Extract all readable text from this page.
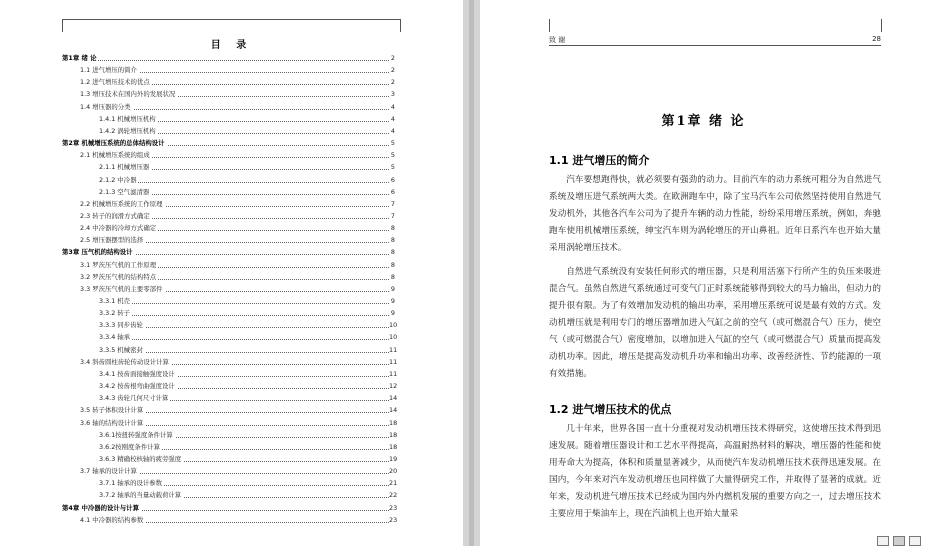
目 录
第1章 绪 论	2
1.1 进气增压的简介	2
1.2 进气增压技术的优点	2
1.3 增压技术在国内外的发展状况	3
1.4 增压器的分类	4
1.4.1 机械增压机构	4
1.4.2 涡轮增压机构	4
第2章 机械增压系统的总体结构设计	5
2.1 机械增压系统的组成	5
2.1.1 机械增压器	5
2.1.2 中冷器	6
2.1.3 空气滤清器	6
2.2 机械增压系统的工作原理	7
2.3 转子的润滑方式确定	7
2.4 中冷器的冷却方式确定	8
2.5 增压器摆型的选择	8
第3章 压气机的结构设计	8
3.1 罗茨压气机的工作原理	8
3.2 罗茨压气机的结构特点	8
3.3 罗茨压气机的主要零部件	9
3.3.1 机壳	9
3.3.2 转子	9
3.3.3 同步齿轮	10
3.3.4 轴承	10
3.3.5 机械密封	11
3.4 斜齿圆柱齿轮传动设计计算	11
3.4.1 按齿面接触强度设计	11
3.4.2 按齿根弯曲强度设计	12
3.4.3 齿轮几何尺寸计算	14
3.5 转子体积设计计算	14
3.6 轴的结构设计计算	18
3.6.1按扭转强度条件计算	18
3.6.2按刚度条件计算	18
3.6.3 精确校核轴的疲劳强度	19
3.7 轴承的设计计算	20
3.7.1 轴承的设计参数	21
3.7.2 轴承的当量动载荷计算	22
第4章 中冷器的设计与计算	23
4.1 中冷器的结构参数	23
致 谢	28
第1章 绪 论
1.1 进气增压的简介

汽车要想跑得快，就必须要有强劲的动力。目前汽车的动力系统可粗分为自然进气系统及增压进气系统两大类。在欧洲跑车中，除了宝马汽车公司依然坚持使用自然进气发动机外，其他各汽车公司为了提升车辆的动力性能，纷纷采用增压系统，例如，奔驰跑车使用机械增压系统，绅宝汽车则为涡轮增压的开山鼻祖。近年日系汽车也开始大量采用涡轮增压技术。

自然进气系统没有安装任何形式的增压器，只是利用活塞下行所产生的负压来吸进混合气。虽然自然进气系统通过可变气门正时系统能够得到较大的马力输出，但动力的提升很有限。为了有效增加发动机的输出功率，采用增压系统可说是最有效的方式。发动机增压就是利用专门的增压器增加进入气缸之前的空气（或可燃混合气）压力，使空气（或可燃混合气）密度增加，以增加进入气缸的空气（或可燃混合气）质量而提高发动机功率。因此，增压是提高发动机升功率和输出功率、改善经济性、节约能源的一项有效措施。

1.2 进气增压技术的优点

几十年来，世界各国一直十分重视对发动机增压技术得研究，这使增压技术得到迅速发展。随着增压器设计和工艺水平得提高，高温耐热材料的解决，增压器的性能和使用寿命大为提高，体积和质量显著减少，从而使汽车发动机增压技术获得迅速发展。在国内，今年来对汽车发动机增压也同样做了大量得研究工作，并取得了显著的成就。近年来，发动机进气增压技术已经成为国内外内燃机发展的重要方向之一，过去增压技术主要应用于柴油车上，现在汽油机上也开始大量采
